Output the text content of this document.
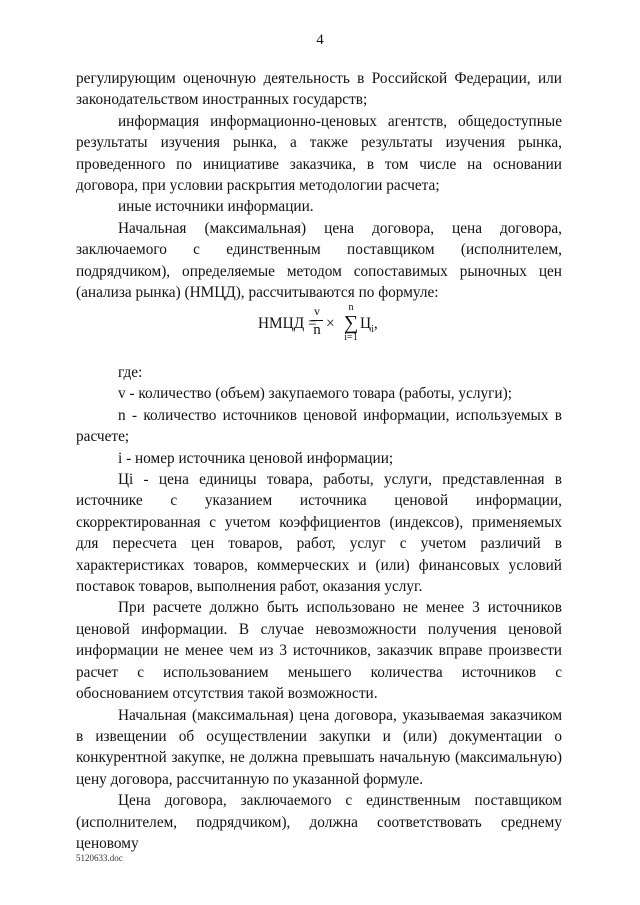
4

регулирующим оценочную деятельность в Российской Федерации, или законодательством иностранных государств;

информация информационно-ценовых агентств, общедоступные результаты изучения рынка, а также результаты изучения рынка, проведенного по инициативе заказчика, в том числе на основании договора, при условии раскрытия методологии расчета;

иные источники информации.

Начальная (максимальная) цена договора, цена договора, заключаемого с единственным поставщиком (исполнителем, подрядчиком), определяемые методом сопоставимых рыночных цен (анализа рынка) (НМЦД), рассчитываются по формуле:

НМЦД =
v
n ×
n
∑
i=1
$Ц_i$,

где:

v - количество (объем) закупаемого товара (работы, услуги);

n - количество источников ценовой информации, используемых в расчете;

i - номер источника ценовой информации;

Цi - цена единицы товара, работы, услуги, представленная в источнике с указанием источника ценовой информации, скорректированная с учетом коэффициентов (индексов), применяемых для пересчета цен товаров, работ, услуг с учетом различий в характеристиках товаров, коммерческих и (или) финансовых условий поставок товаров, выполнения работ, оказания услуг.

При расчете должно быть использовано не менее 3 источников ценовой информации. В случае невозможности получения ценовой информации не менее чем из 3 источников, заказчик вправе произвести расчет с использованием меньшего количества источников с обоснованием отсутствия такой возможности.

Начальная (максимальная) цена договора, указываемая заказчиком в извещении об осуществлении закупки и (или) документации о конкурентной закупке, не должна превышать начальную (максимальную) цену договора, рассчитанную по указанной формуле.

Цена договора, заключаемого с единственным поставщиком (исполнителем, подрядчиком), должна соответствовать среднему ценовому

5120633.doc
